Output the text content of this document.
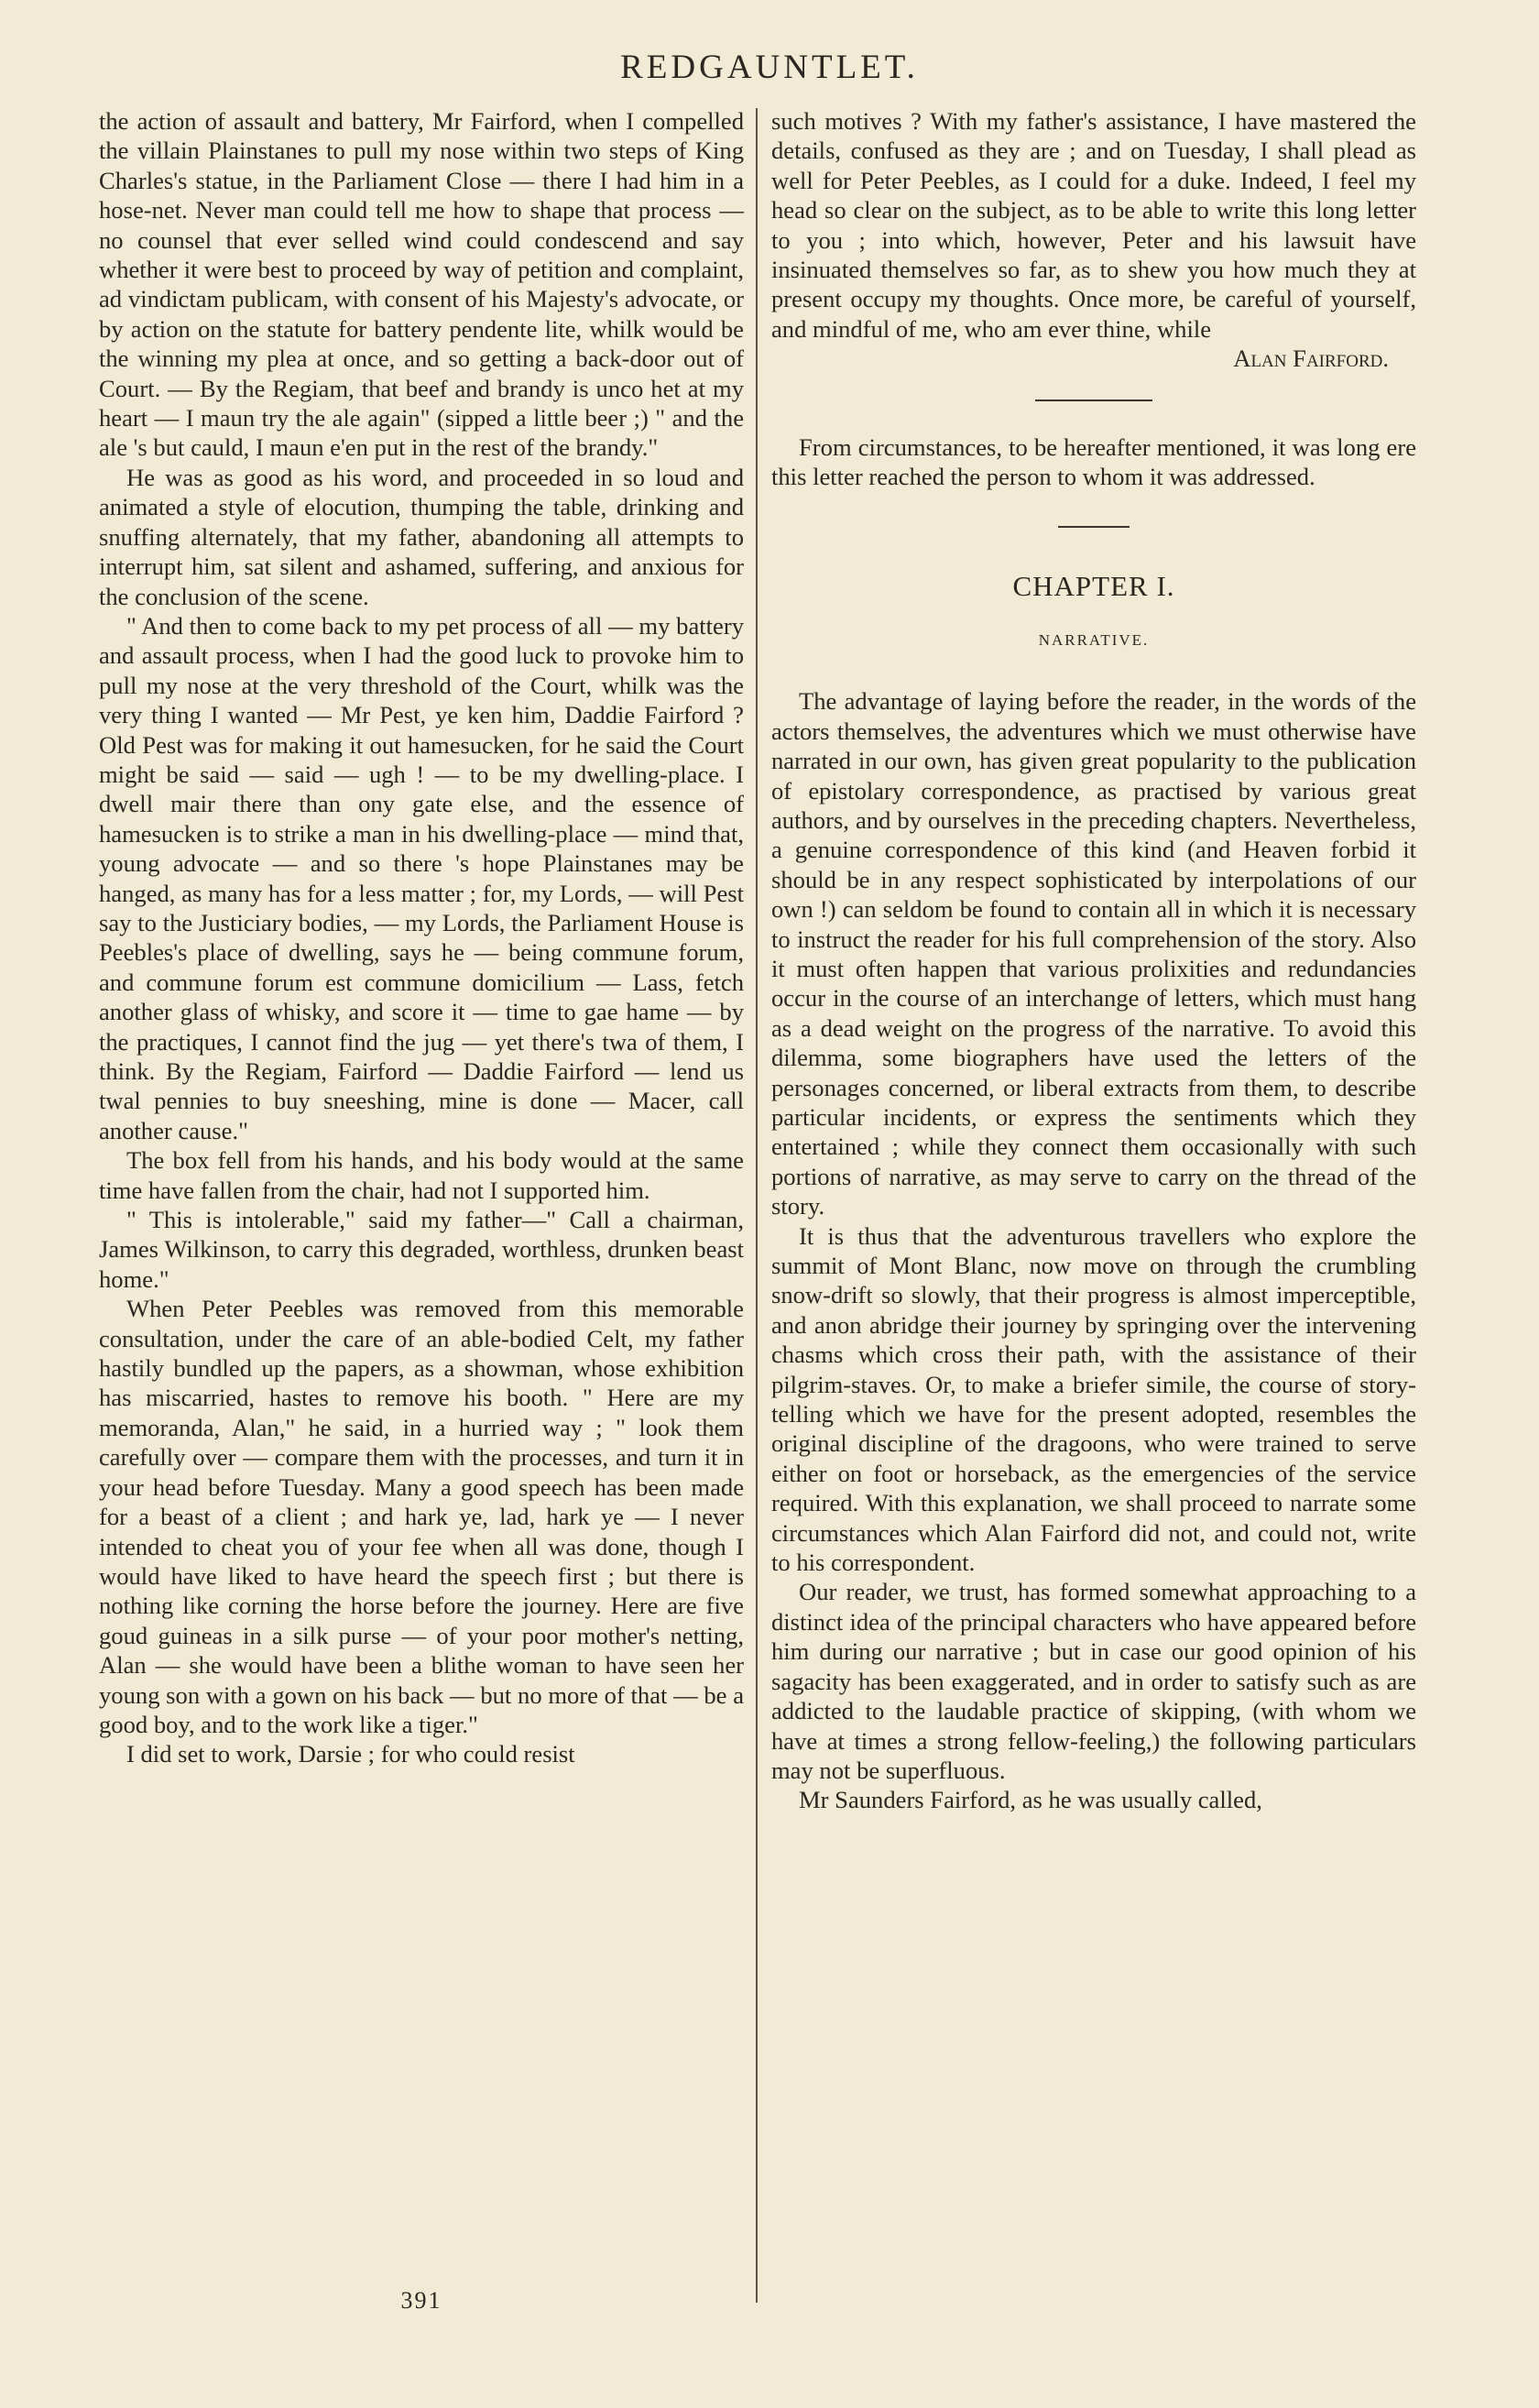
REDGAUNTLET.

the action of assault and battery, Mr Fairford, when I compelled the villain Plainstanes to pull my nose within two steps of King Charles's statue, in the Parliament Close — there I had him in a hose-net. Never man could tell me how to shape that process — no counsel that ever selled wind could condescend and say whether it were best to proceed by way of petition and complaint, ad vindictam publicam, with consent of his Majesty's advocate, or by action on the statute for battery pendente lite, whilk would be the winning my plea at once, and so getting a back-door out of Court. — By the Regiam, that beef and brandy is unco het at my heart — I maun try the ale again" (sipped a little beer ;) " and the ale 's but cauld, I maun e'en put in the rest of the brandy."

He was as good as his word, and proceeded in so loud and animated a style of elocution, thumping the table, drinking and snuffing alternately, that my father, abandoning all attempts to interrupt him, sat silent and ashamed, suffering, and anxious for the conclusion of the scene.

" And then to come back to my pet process of all — my battery and assault process, when I had the good luck to provoke him to pull my nose at the very threshold of the Court, whilk was the very thing I wanted — Mr Pest, ye ken him, Daddie Fairford ? Old Pest was for making it out hamesucken, for he said the Court might be said — said — ugh ! — to be my dwelling-place. I dwell mair there than ony gate else, and the essence of hamesucken is to strike a man in his dwelling-place — mind that, young advocate — and so there 's hope Plainstanes may be hanged, as many has for a less matter ; for, my Lords, — will Pest say to the Justiciary bodies, — my Lords, the Parliament House is Peebles's place of dwelling, says he — being commune forum, and commune forum est commune domicilium — Lass, fetch another glass of whisky, and score it — time to gae hame — by the practiques, I cannot find the jug — yet there's twa of them, I think. By the Regiam, Fairford — Daddie Fairford — lend us twal pennies to buy sneeshing, mine is done — Macer, call another cause."

The box fell from his hands, and his body would at the same time have fallen from the chair, had not I supported him.

" This is intolerable," said my father—" Call a chairman, James Wilkinson, to carry this degraded, worthless, drunken beast home."

When Peter Peebles was removed from this memorable consultation, under the care of an able-bodied Celt, my father hastily bundled up the papers, as a showman, whose exhibition has miscarried, hastes to remove his booth. " Here are my memoranda, Alan," he said, in a hurried way ; " look them carefully over — compare them with the processes, and turn it in your head before Tuesday. Many a good speech has been made for a beast of a client ; and hark ye, lad, hark ye — I never intended to cheat you of your fee when all was done, though I would have liked to have heard the speech first ; but there is nothing like corning the horse before the journey. Here are five goud guineas in a silk purse — of your poor mother's netting, Alan — she would have been a blithe woman to have seen her young son with a gown on his back — but no more of that — be a good boy, and to the work like a tiger."

I did set to work, Darsie ; for who could resist

such motives ? With my father's assistance, I have mastered the details, confused as they are ; and on Tuesday, I shall plead as well for Peter Peebles, as I could for a duke. Indeed, I feel my head so clear on the subject, as to be able to write this long letter to you ; into which, however, Peter and his lawsuit have insinuated themselves so far, as to shew you how much they at present occupy my thoughts. Once more, be careful of yourself, and mindful of me, who am ever thine, while

Alan Fairford.

From circumstances, to be hereafter mentioned, it was long ere this letter reached the person to whom it was addressed.

CHAPTER I.
NARRATIVE.

The advantage of laying before the reader, in the words of the actors themselves, the adventures which we must otherwise have narrated in our own, has given great popularity to the publication of epistolary correspondence, as practised by various great authors, and by ourselves in the preceding chapters. Nevertheless, a genuine correspondence of this kind (and Heaven forbid it should be in any respect sophisticated by interpolations of our own !) can seldom be found to contain all in which it is necessary to instruct the reader for his full comprehension of the story. Also it must often happen that various prolixities and redundancies occur in the course of an interchange of letters, which must hang as a dead weight on the progress of the narrative. To avoid this dilemma, some biographers have used the letters of the personages concerned, or liberal extracts from them, to describe particular incidents, or express the sentiments which they entertained ; while they connect them occasionally with such portions of narrative, as may serve to carry on the thread of the story.

It is thus that the adventurous travellers who explore the summit of Mont Blanc, now move on through the crumbling snow-drift so slowly, that their progress is almost imperceptible, and anon abridge their journey by springing over the intervening chasms which cross their path, with the assistance of their pilgrim-staves. Or, to make a briefer simile, the course of story-telling which we have for the present adopted, resembles the original discipline of the dragoons, who were trained to serve either on foot or horseback, as the emergencies of the service required. With this explanation, we shall proceed to narrate some circumstances which Alan Fairford did not, and could not, write to his correspondent.

Our reader, we trust, has formed somewhat approaching to a distinct idea of the principal characters who have appeared before him during our narrative ; but in case our good opinion of his sagacity has been exaggerated, and in order to satisfy such as are addicted to the laudable practice of skipping, (with whom we have at times a strong fellow-feeling,) the following particulars may not be superfluous.

Mr Saunders Fairford, as he was usually called,

391
